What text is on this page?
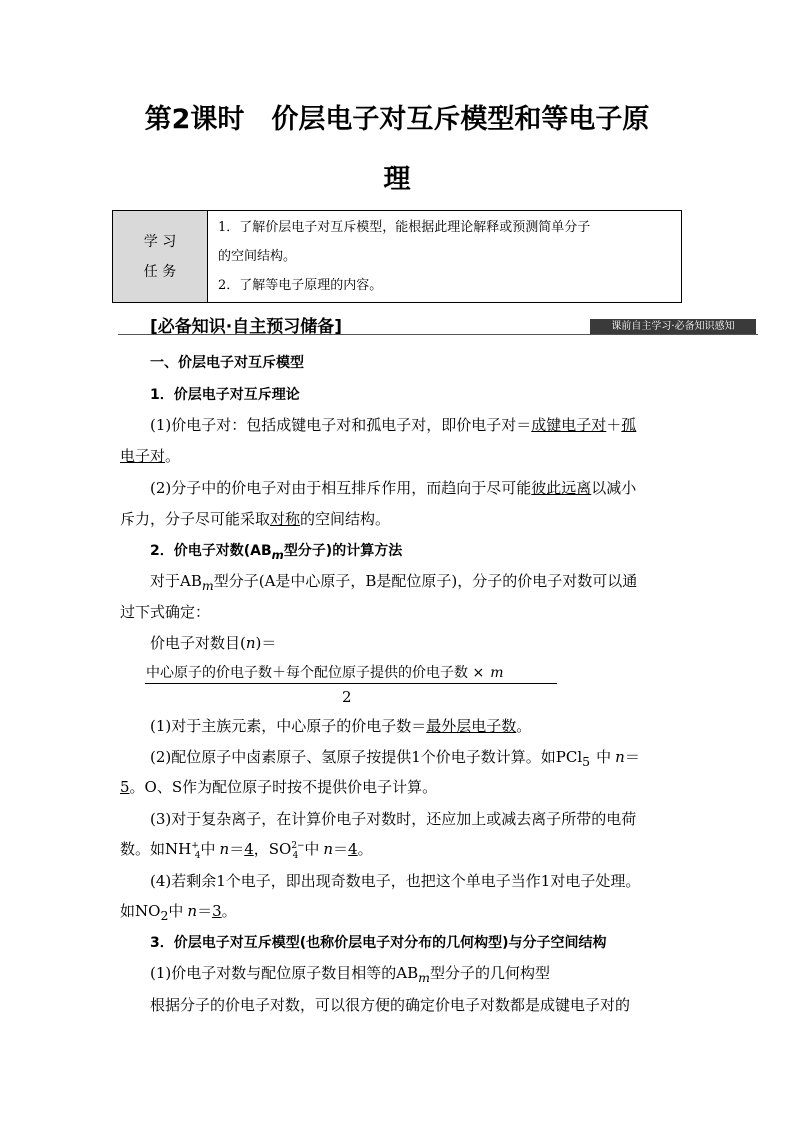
第2课时　价层电子对互斥模型和等电子原
理
学 习
任 务

1．了解价层电子对互斥模型，能根据此理论解释或预测简单分子
的空间结构。
2．了解等电子原理的内容。
[必备知识·自主预习储备]	课前自主学习·必备知识感知
一、价层电子对互斥模型
1．价层电子对互斥理论
(1)价电子对：包括成键电子对和孤电子对，即价电子对＝成键电子对＋孤
电子对。
(2)分子中的价电子对由于相互排斥作用，而趋向于尽可能彼此远离以减小
斥力，分子尽可能采取对称的空间结构。
2．价电子对数($AB_m$型分子)的计算方法
对于$AB_m$型分子(A是中心原子，B是配位原子)，分子的价电子对数可以通
过下式确定：
价电子对数目(n)＝
中心原子的价电子数＋每个配位原子提供的价电子数 × m
2
(1)对于主族元素，中心原子的价电子数＝最外层电子数。
(2)配位原子中卤素原子、氢原子按提供1个价电子数计算。如PCl$_5$ 中 n＝
5。O、S作为配位原子时按不提供价电子计算。
(3)对于复杂离子，在计算价电子对数时，还应加上或减去离子所带的电荷
数。如$NH^+_4$中 n＝4，$SO^{2-}_4$ 中 n＝4。
(4)若剩余1个电子，即出现奇数电子，也把这个单电子当作1对电子处理。
如$NO_2$中 n＝3。
3．价层电子对互斥模型(也称价层电子对分布的几何构型)与分子空间结构
(1)价电子对数与配位原子数目相等的$AB_m$型分子的几何构型
根据分子的价电子对数，可以很方便的确定价电子对数都是成键电子对的
